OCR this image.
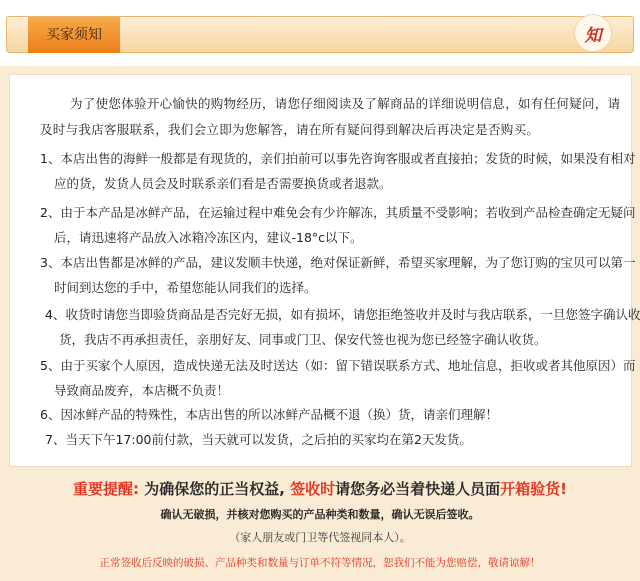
买家须知	知
为了使您体验开心愉快的购物经历，请您仔细阅读及了解商品的详细说明信息，如有任何疑问，请及时与我店客服联系，我们会立即为您解答，请在所有疑问得到解决后再决定是否购买。
1、本店出售的海鲜一般都是有现货的，亲们拍前可以事先咨询客服或者直接拍；发货的时候，如果没有相对应的货，发货人员会及时联系亲们看是否需要换货或者退款。
2、由于本产品是冰鲜产品，在运输过程中难免会有少许解冻，其质量不受影响；若收到产品检查确定无疑问后，请迅速将产品放入冰箱冷冻区内，建议-18°c以下。
3、本店出售都是冰鲜的产品，建议发顺丰快递，绝对保证新鲜，希望买家理解，为了您订购的宝贝可以第一时间到达您的手中，希望您能认同我们的选择。
4、收货时请您当即验货商品是否完好无损，如有损坏，请您拒绝签收并及时与我店联系，一旦您签字确认收货，我店不再承担责任，亲朋好友、同事或门卫、保安代签也视为您已经签字确认收货。
5、由于买家个人原因，造成快递无法及时送达（如：留下错误联系方式、地址信息，拒收或者其他原因）而导致商品废弃，本店概不负责！
6、因冰鲜产品的特殊性，本店出售的所以冰鲜产品概不退（换）货，请亲们理解！
7、当天下午17:00前付款，当天就可以发货，之后拍的买家均在第2天发货。
重要提醒: 为确保您的正当权益, 签收时请您务必当着快递人员面开箱验货!
确认无破损，并核对您购买的产品种类和数量，确认无误后签收。
（家人朋友或门卫等代签视同本人）。
正常签收后反映的破损、产品种类和数量与订单不符等情况，恕我们不能为您赔偿，敬请谅解！
